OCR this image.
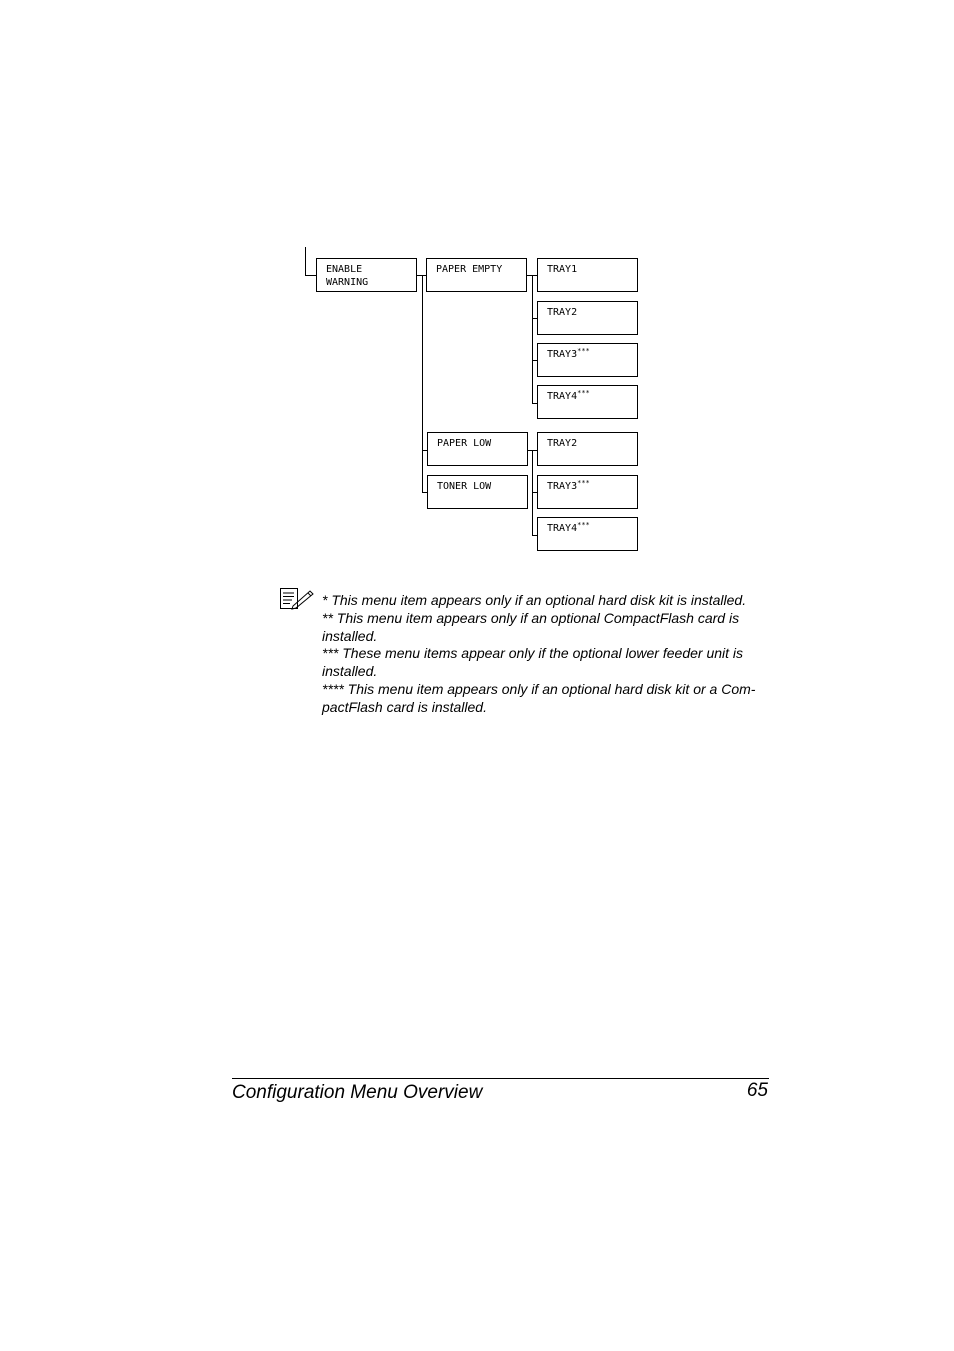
ENABLE
WARNING
PAPER EMPTY
PAPER LOW
TONER LOW
TRAY1
TRAY2
TRAY3***
TRAY4***
TRAY2
TRAY3***
TRAY4***

* This menu item appears only if an optional hard disk kit is installed.

** This menu item appears only if an optional CompactFlash card is installed.

*** These menu items appear only if the optional lower feeder unit is installed.

**** This menu item appears only if an optional hard disk kit or a Com-pactFlash card is installed.

Configuration Menu Overview	65
